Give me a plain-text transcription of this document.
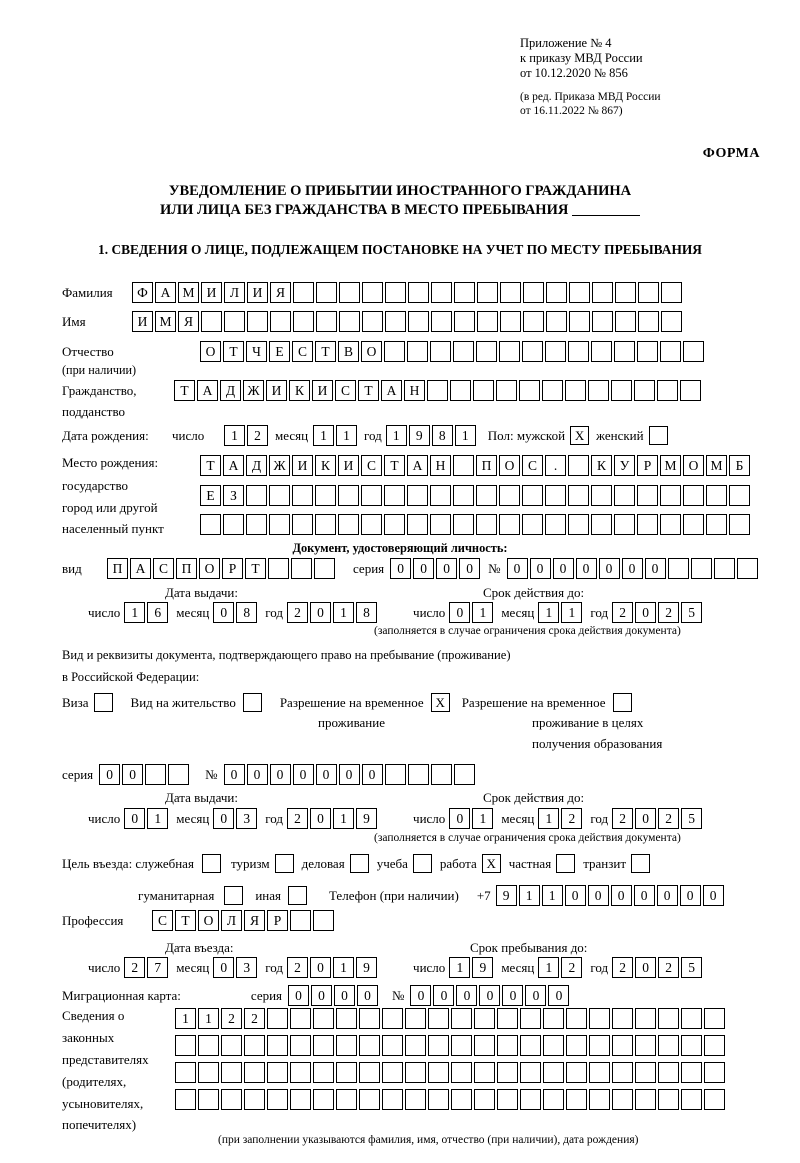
Приложение № 4
к приказу МВД России
от 10.12.2020 № 856
(в ред. Приказа МВД России
от 16.11.2022 № 867)
ФОРМА
УВЕДОМЛЕНИЕ О ПРИБЫТИИ ИНОСТРАННОГО ГРАЖДАНИНА
ИЛИ ЛИЦА БЕЗ ГРАЖДАНСТВА В МЕСТО ПРЕБЫВАНИЯ
1. СВЕДЕНИЯ О ЛИЦЕ, ПОДЛЕЖАЩЕМ ПОСТАНОВКЕ НА УЧЕТ ПО МЕСТУ ПРЕБЫВАНИЯ
Фамилия	Ф А М И	Л	И	Я
Имя	И М Я
Отчество	О	Т	Ч	Е	С	Т	В	О
(при наличии)
Гражданство,	Т	А	Д Ж И	К	И	С	Т	А Н
подданство
Дата рождения:	число	1	2	месяц 1	1	год 1	9	8	1	Пол: мужской X женский
Место рождения:	Т	А	Д Ж И	К	И	С	Т	А Н	П О	С	.	К	У	Р М О М Б
государство
Е	З
город или другой
населенный пункт
Документ, удостоверяющий личность:
вид	П А	С	П О	Р	Т	серия 0	0	0	0	№ 0	0	0	0	0	0	0
Дата выдачи:	Срок действия до:
число 1	6	месяц 0	8	год 2	0	1	8	число 0	1	месяц 1	1	год 2	0	2	5
(заполняется в случае ограничения срока действия документа)
Вид и реквизиты документа, подтверждающего право на пребывание (проживание)
в Российской Федерации:
Виза	Вид на жительство	Разрешение на временное X	Разрешение на временное
проживание	проживание в целях
получения образования
серия 0	0	№ 0	0	0	0	0	0	0
Дата выдачи:	Срок действия до:
число 0	1	месяц 0	3	год 2	0	1	9	число 0	1	месяц 1	2	год 2	0	2	5
(заполняется в случае ограничения срока действия документа)
Цель въезда: служебная	туризм деловая учеба работа X частная транзит
гуманитарная	иная	Телефон (при наличии) +7 9	1	1	0	0	0	0	0	0	0
Профессия	С	Т	О	Л	Я	Р
Дата въезда:	Срок пребывания до:
число 2	7	месяц 0	3	год 2	0	1	9	число 1	9	месяц 1	2	год 2	0	2	5
Миграционная карта:	серия 0	0	0	0	№ 0	0	0	0	0	0	0
Сведения о
законных
представителях
(родителях,
усыновителях,
попечителях)
1	1	2	2
(при заполнении указываются фамилия, имя, отчество (при наличии), дата рождения)
